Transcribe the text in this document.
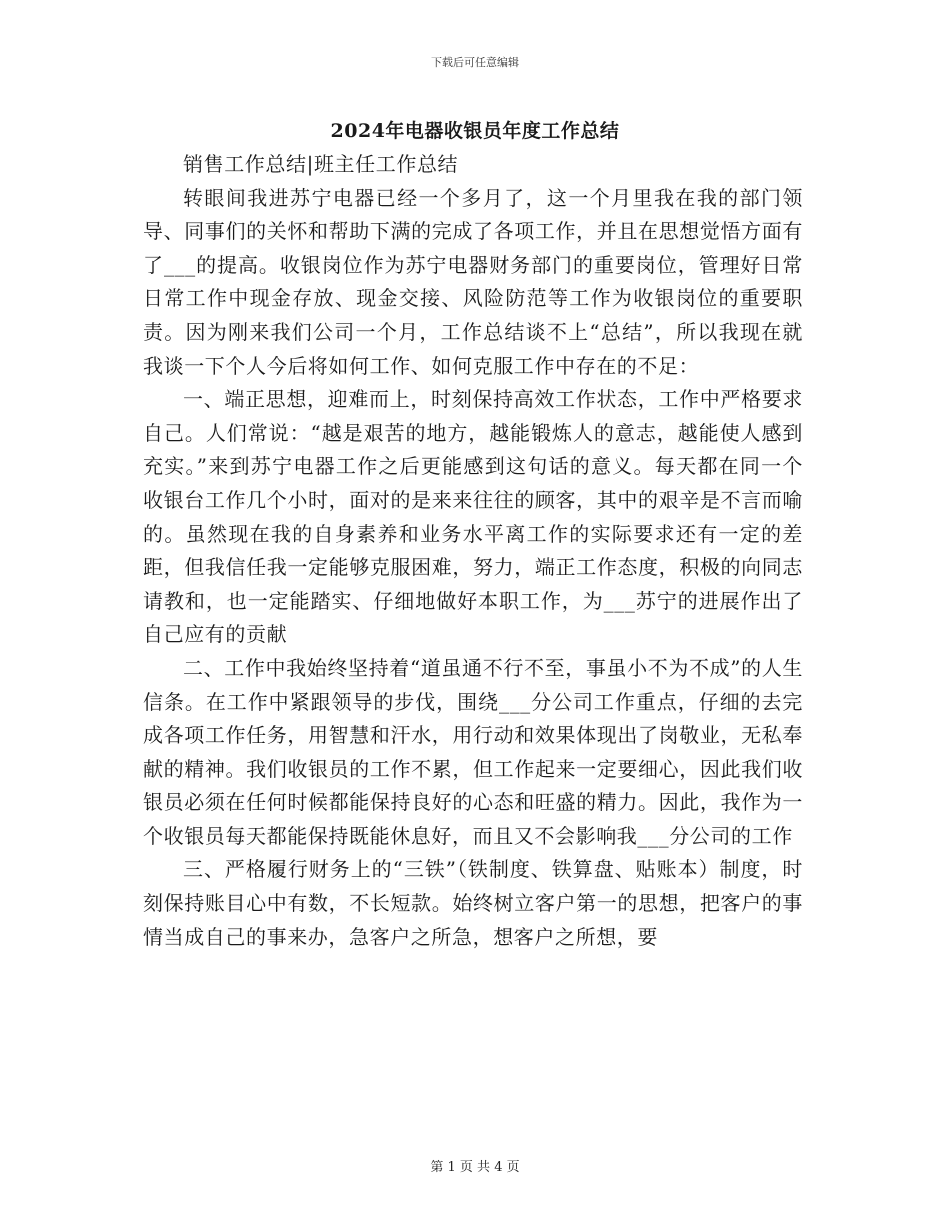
下载后可任意编辑
2024年电器收银员年度工作总结

销售工作总结|班主任工作总结

转眼间我进苏宁电器已经一个多月了，这一个月里我在我的部门领导、同事们的关怀和帮助下满的完成了各项工作，并且在思想觉悟方面有了___的提高。收银岗位作为苏宁电器财务部门的重要岗位，管理好日常日常工作中现金存放、现金交接、风险防范等工作为收银岗位的重要职责。因为刚来我们公司一个月，工作总结谈不上“总结”，所以我现在就我谈一下个人今后将如何工作、如何克服工作中存在的不足：

一、端正思想，迎难而上，时刻保持高效工作状态，工作中严格要求自己。人们常说：“越是艰苦的地方，越能锻炼人的意志，越能使人感到充实。”来到苏宁电器工作之后更能感到这句话的意义。每天都在同一个收银台工作几个小时，面对的是来来往往的顾客，其中的艰辛是不言而喻的。虽然现在我的自身素养和业务水平离工作的实际要求还有一定的差距，但我信任我一定能够克服困难，努力，端正工作态度，积极的向同志请教和，也一定能踏实、仔细地做好本职工作，为___苏宁的进展作出了自己应有的贡献

二、工作中我始终坚持着“道虽通不行不至，事虽小不为不成”的人生信条。在工作中紧跟领导的步伐，围绕___分公司工作重点，仔细的去完成各项工作任务，用智慧和汗水，用行动和效果体现出了岗敬业，无私奉献的精神。我们收银员的工作不累，但工作起来一定要细心，因此我们收银员必须在任何时候都能保持良好的心态和旺盛的精力。因此，我作为一个收银员每天都能保持既能休息好，而且又不会影响我___分公司的工作

三、严格履行财务上的“三铁”（铁制度、铁算盘、贴账本）制度，时刻保持账目心中有数，不长短款。始终树立客户第一的思想，把客户的事情当成自己的事来办，急客户之所急，想客户之所想，要

第 1 页 共 4 页
